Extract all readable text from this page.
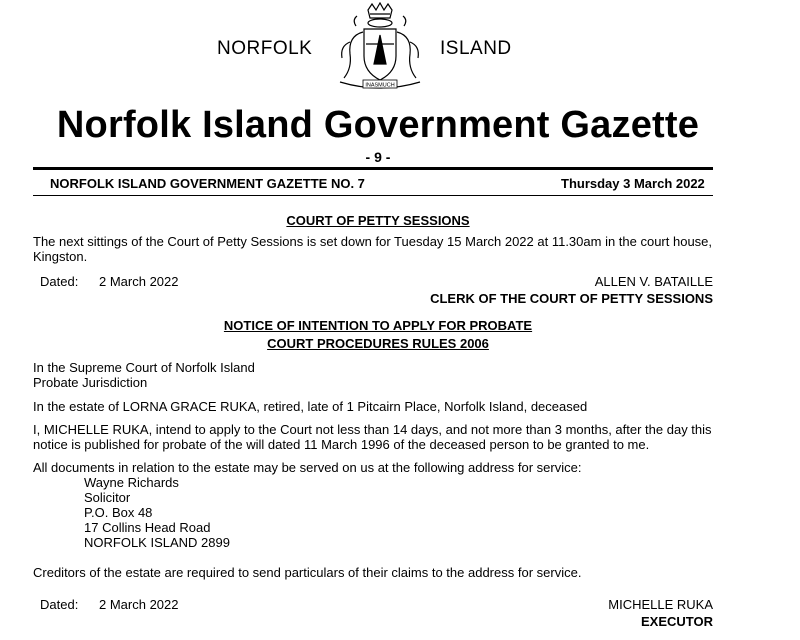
NORFOLK	ISLAND
INASMUCH
Norfolk Island Government Gazette
- 9 -
NORFOLK ISLAND GOVERNMENT GAZETTE NO. 7	Thursday 3 March 2022
COURT OF PETTY SESSIONS
The next sittings of the Court of Petty Sessions is set down for Tuesday 15 March 2022 at 11.30am in the court house,
Kingston.
Dated: 2 March 2022	ALLEN V. BATAILLE
CLERK OF THE COURT OF PETTY SESSIONS
NOTICE OF INTENTION TO APPLY FOR PROBATE
COURT PROCEDURES RULES 2006
In the Supreme Court of Norfolk Island
Probate Jurisdiction
In the estate of LORNA GRACE RUKA, retired, late of 1 Pitcairn Place, Norfolk Island, deceased
I, MICHELLE RUKA, intend to apply to the Court not less than 14 days, and not more than 3 months, after the day this
notice is published for probate of the will dated 11 March 1996 of the deceased person to be granted to me.
All documents in relation to the estate may be served on us at the following address for service:
Wayne Richards
Solicitor
P.O. Box 48
17 Collins Head Road
NORFOLK ISLAND 2899
Creditors of the estate are required to send particulars of their claims to the address for service.
Dated: 2 March 2022	MICHELLE RUKA
EXECUTOR
